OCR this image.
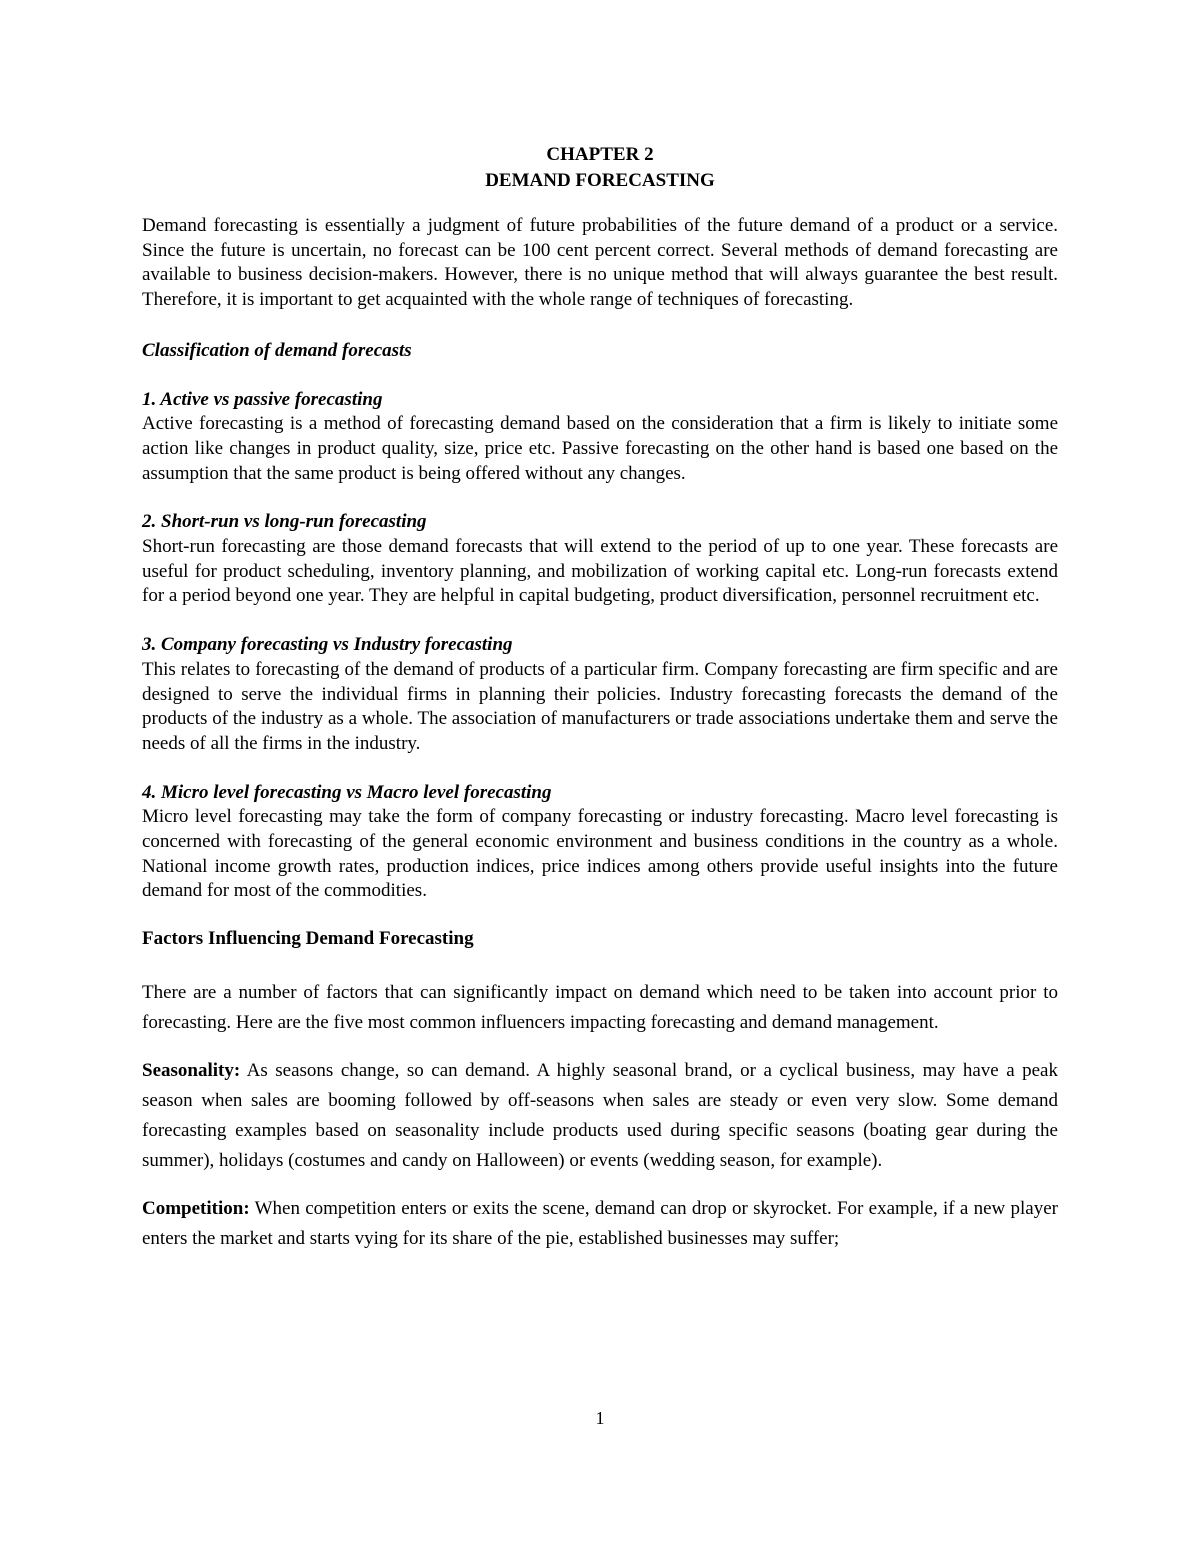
CHAPTER 2
DEMAND FORECASTING

Demand forecasting is essentially a judgment of future probabilities of the future demand of a product or a service. Since the future is uncertain, no forecast can be 100 cent percent correct. Several methods of demand forecasting are available to business decision-makers. However, there is no unique method that will always guarantee the best result. Therefore, it is important to get acquainted with the whole range of techniques of forecasting.

Classification of demand forecasts
1. Active vs passive forecasting

Active forecasting is a method of forecasting demand based on the consideration that a firm is likely to initiate some action like changes in product quality, size, price etc. Passive forecasting on the other hand is based one based on the assumption that the same product is being offered without any changes.

2. Short-run vs long-run forecasting

Short-run forecasting are those demand forecasts that will extend to the period of up to one year. These forecasts are useful for product scheduling, inventory planning, and mobilization of working capital etc. Long-run forecasts extend for a period beyond one year. They are helpful in capital budgeting, product diversification, personnel recruitment etc.

3. Company forecasting vs Industry forecasting

This relates to forecasting of the demand of products of a particular firm. Company forecasting are firm specific and are designed to serve the individual firms in planning their policies. Industry forecasting forecasts the demand of the products of the industry as a whole. The association of manufacturers or trade associations undertake them and serve the needs of all the firms in the industry.

4. Micro level forecasting vs Macro level forecasting

Micro level forecasting may take the form of company forecasting or industry forecasting. Macro level forecasting is concerned with forecasting of the general economic environment and business conditions in the country as a whole. National income growth rates, production indices, price indices among others provide useful insights into the future demand for most of the commodities.

Factors Influencing Demand Forecasting

There are a number of factors that can significantly impact on demand which need to be taken into account prior to forecasting. Here are the five most common influencers impacting forecasting and demand management.

Seasonality: As seasons change, so can demand. A highly seasonal brand, or a cyclical business, may have a peak season when sales are booming followed by off-seasons when sales are steady or even very slow. Some demand forecasting examples based on seasonality include products used during specific seasons (boating gear during the summer), holidays (costumes and candy on Halloween) or events (wedding season, for example).

Competition: When competition enters or exits the scene, demand can drop or skyrocket. For example, if a new player enters the market and starts vying for its share of the pie, established businesses may suffer;

1
